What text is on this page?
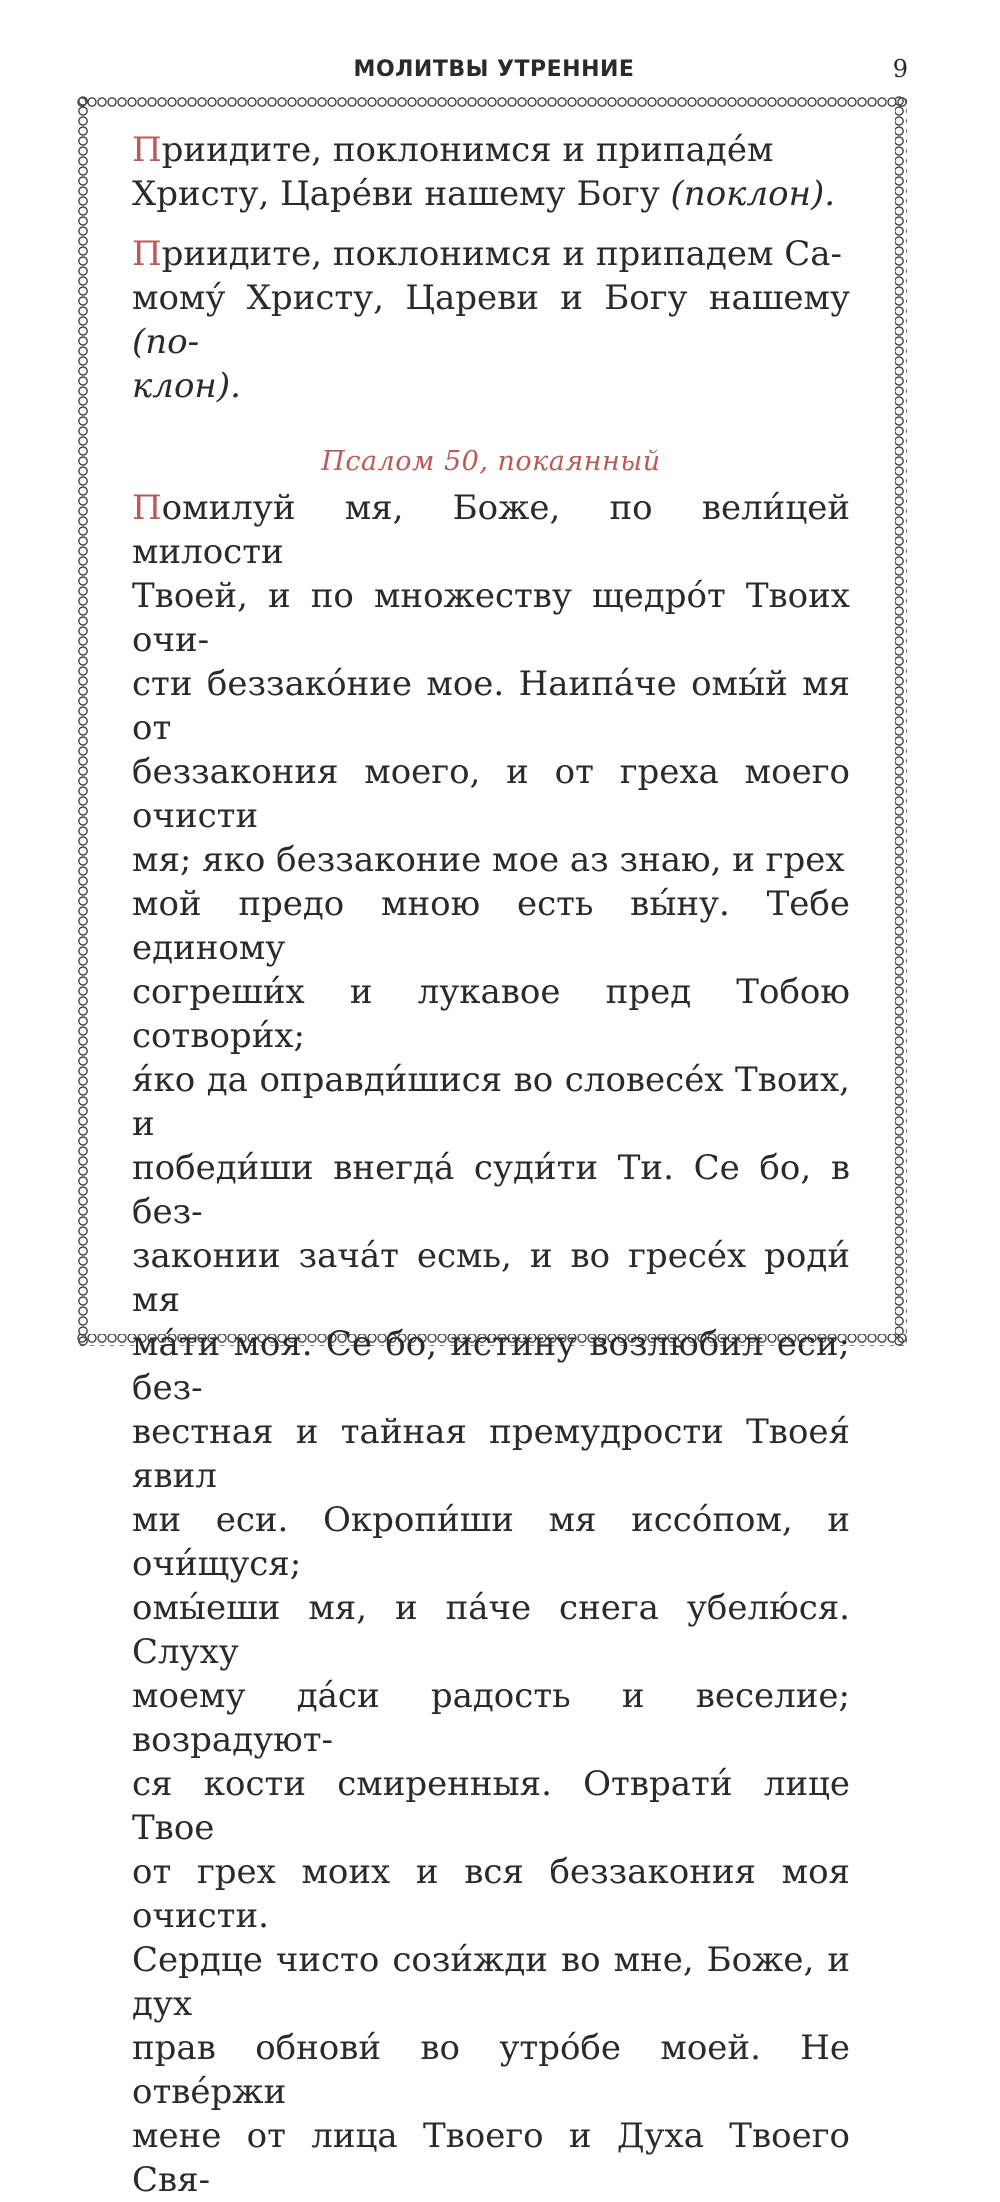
МОЛИТВЫ УТРЕННИЕ	9

Приидите, поклонимся и припаде́м
Христу, Царе́ви нашему Богу (поклон).

Приидите, поклонимся и припадем Са-
мому́ Христу, Цареви и Богу нашему (по-
клон).

Псалом 50, покаянный

Помилуй мя, Боже, по вели́цей милости
Твоей, и по множеству щедро́т Твоих очи-
сти беззако́ние мое. Наипа́че омы́й мя от
беззакония моего, и от греха моего очисти
мя; яко беззаконие мое аз знаю, и грех
мой предо мною есть вы́ну. Тебе единому
согреши́х и лукавое пред Тобою сотвори́х;
я́ко да оправди́шися во словесе́х Твоих, и
победи́ши внегда́ суди́ти Ти. Се бо, в без-
законии зача́т есмь, и во гресе́х роди́ мя
ма́ти моя. Се бо, истину возлюбил еси; без-
вестная и тайная премудрости Твоея́ явил
ми еси. Окропи́ши мя иссо́пом, и очи́щуся;
омы́еши мя, и па́че снега убелю́ся. Слуху
моему да́си радость и веселие; возрадуют-
ся кости смиренныя. Отврати́ лице Твое
от грех моих и вся беззакония моя очисти.
Сердце чисто сози́жди во мне, Боже, и дух
прав обнови́ во утро́бе моей. Не отве́ржи
мене от лица Твоего и Духа Твоего Свя-
